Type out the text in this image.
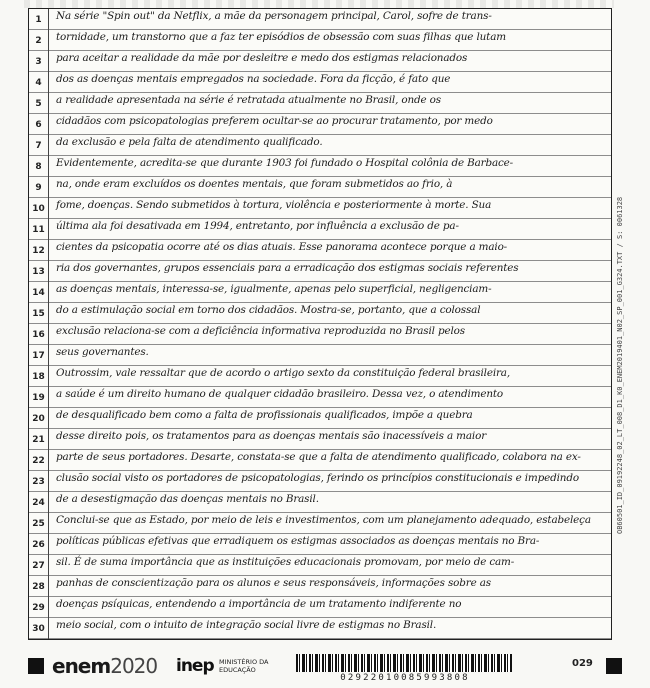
1	Na série "Spin out" da Netflix, a mãe da personagem principal, Carol, sofre de trans-
2	tornidade, um transtorno que a faz ter episódios de obsessão com suas filhas que lutam
3	para aceitar a realidade da mãe por desleitre e medo dos estigmas relacionados
4	dos as doenças mentais empregados na sociedade. Fora da ficção, é fato que
5	a realidade apresentada na série é retratada atualmente no Brasil, onde os
6	cidadãos com psicopatologias preferem ocultar-se ao procurar tratamento, por medo
7	da exclusão e pela falta de atendimento qualificado.
8	Evidentemente, acredita-se que durante 1903 foi fundado o Hospital colônia de Barbace-
9	na, onde eram excluídos os doentes mentais, que foram submetidos ao frio, à
10	fome, doenças. Sendo submetidos à tortura, violência e posteriormente à morte. Sua
11	última ala foi desativada em 1994, entretanto, por influência a exclusão de pa-
12	cientes da psicopatia ocorre até os dias atuais. Esse panorama acontece porque a maio-
13	ria dos governantes, grupos essenciais para a erradicação dos estigmas sociais referentes
14	as doenças mentais, interessa-se, igualmente, apenas pelo superficial, negligenciam-
15	do a estimulação social em torno dos cidadãos. Mostra-se, portanto, que a colossal
16	exclusão relaciona-se com a deficiência informativa reproduzida no Brasil pelos
17	seus governantes.
18	Outrossim, vale ressaltar que de acordo o artigo sexto da constituição federal brasileira,
19	a saúde é um direito humano de qualquer cidadão brasileiro. Dessa vez, o atendimento
20	de desqualificado bem como a falta de profissionais qualificados, impõe a quebra
21	desse direito pois, os tratamentos para as doenças mentais são inacessíveis a maior
22	parte de seus portadores. Desarte, constata-se que a falta de atendimento qualificado, colabora na ex-
23	clusão social visto os portadores de psicopatologias, ferindo os princípios constitucionais e impedindo
24	de a desestigmação das doenças mentais no Brasil.
25	Conclui-se que as Estado, por meio de leis e investimentos, com um planejamento adequado, estabeleça
26	políticas públicas efetivas que erradiquem os estigmas associados as doenças mentais no Bra-
27	sil. É de suma importância que as instituições educacionais promovam, por meio de cam-
28	panhas de conscientização para os alunos e seus responsáveis, informações sobre as
29	doenças psíquicas, entendendo a importância de um tratamento indiferente no
30	meio social, com o intuito de integração social livre de estigmas no Brasil.
OB60501_ID_09192248_02_LT_008_D1_K0_ENEM2019401_N02_SP_001_G324.TXT / S: 0061328
enem2020 inep MINISTÉRIO DA
EDUCAÇÃO
02922010085993808
029
